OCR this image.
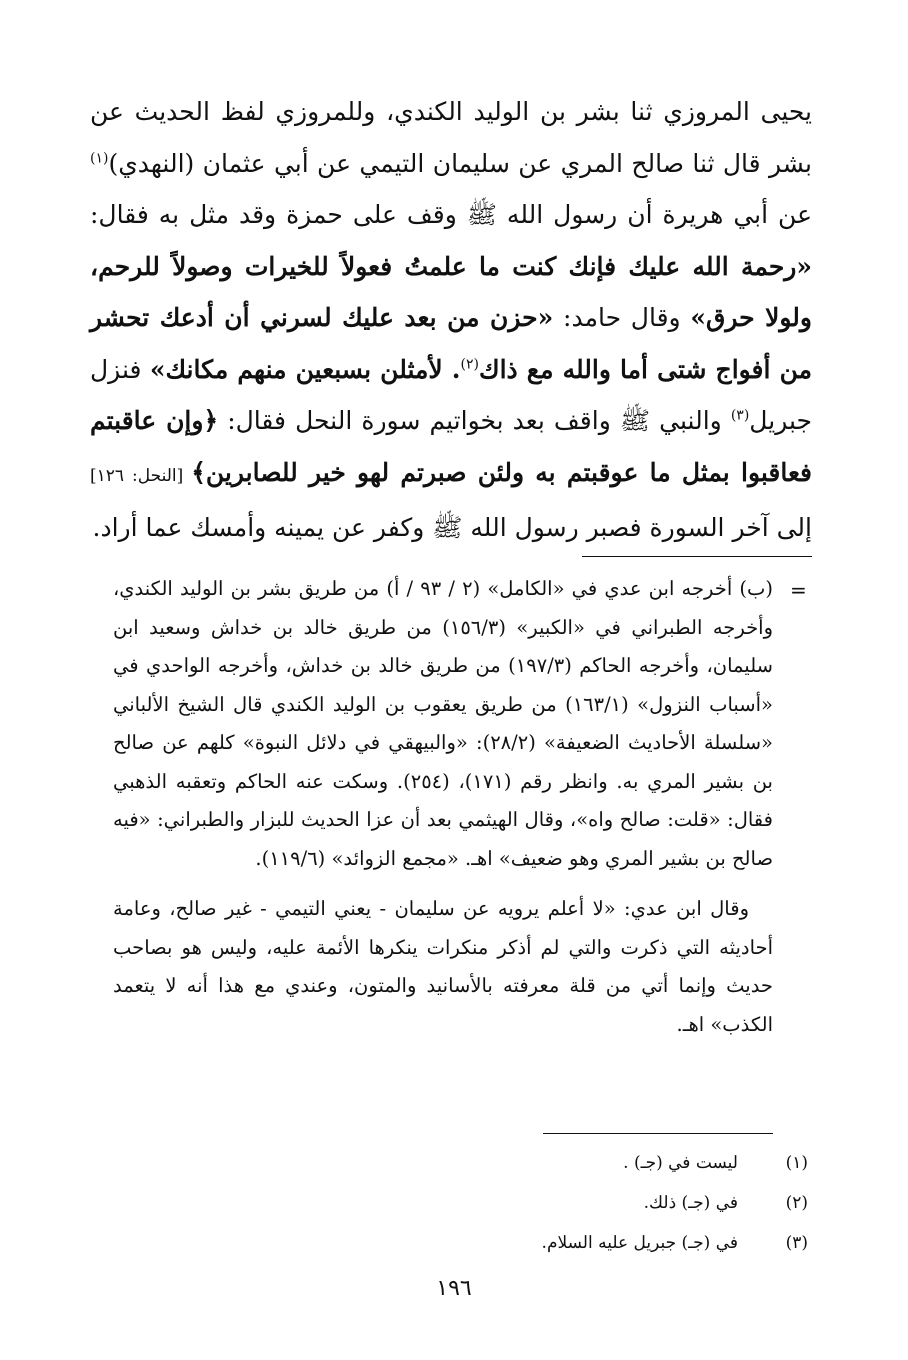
يحيى المروزي ثنا بشر بن الوليد الكندي، وللمروزي لفظ الحديث عن بشر قال ثنا صالح المري عن سليمان التيمي عن أبي عثمان (النهدي)$^{(١)}$ عن أبي هريرة أن رسول الله ﷺ وقف على حمزة وقد مثل به فقال: «رحمة الله عليك فإنك كنت ما علمتُ فعولاً للخيرات وصولاً للرحم، ولولا حرق» وقال حامد: «حزن من بعد عليك لسرني أن أدعك تحشر من أفواج شتى أما والله مع ذاك$^{(٢)}$. لأمثلن بسبعين منهم مكانك» فنزل جبريل$^{(٣)}$ والنبي ﷺ واقف بعد بخواتيم سورة النحل فقال: ﴿وإن عاقبتم فعاقبوا بمثل ما عوقبتم به ولئن صبرتم لهو خير للصابرين﴾ [النحل: ١٢٦] إلى آخر السورة فصبر رسول الله ﷺ وكفر عن يمينه وأمسك عما أراد.

=

(ب) أخرجه ابن عدي في «الكامل» (٢ / ٩٣ / أ) من طريق بشر بن الوليد الكندي، وأخرجه الطبراني في «الكبير» (١٥٦/٣) من طريق خالد بن خداش وسعيد ابن سليمان، وأخرجه الحاكم (١٩٧/٣) من طريق خالد بن خداش، وأخرجه الواحدي في «أسباب النزول» (١٦٣/١) من طريق يعقوب بن الوليد الكندي قال الشيخ الألباني «سلسلة الأحاديث الضعيفة» (٢٨/٢): «والبيهقي في دلائل النبوة» كلهم عن صالح بن بشير المري به. وانظر رقم (١٧١)، (٢٥٤). وسكت عنه الحاكم وتعقبه الذهبي فقال: «قلت: صالح واه»، وقال الهيثمي بعد أن عزا الحديث للبزار والطبراني: «فيه صالح بن بشير المري وهو ضعيف» اهـ. «مجمع الزوائد» (١١٩/٦).

وقال ابن عدي: «لا أعلم يرويه عن سليمان - يعني التيمي - غير صالح، وعامة أحاديثه التي ذكرت والتي لم أذكر منكرات ينكرها الأئمة عليه، وليس هو بصاحب حديث وإنما أتي من قلة معرفته بالأسانيد والمتون، وعندي مع هذا أنه لا يتعمد الكذب» اهـ.

(١)
ليست في (جـ) .
(٢)
في (جـ) ذلك.
(٣)
في (جـ) جبريل عليه السلام.
١٩٦
